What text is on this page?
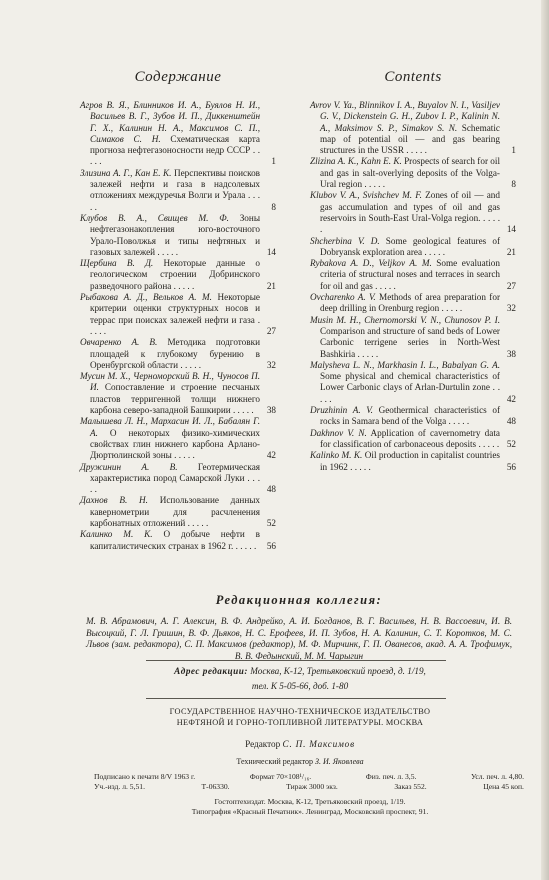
Содержание
Агров В. Я., Блинников И. А., Буялов Н. И., Васильев В. Г., Зубов И. П., Диккенштейн Г. Х., Калинин Н. А., Максимов С. П., Симаков С. Н. Схематическая карта прогноза нефтегазоносности недр СССР . . . . .	1
Злизина А. Г., Кан Е. К. Перспективы поисков залежей нефти и газа в надсолевых отложениях междуречья Волги и Урала . . . . .	8
Клубов В. А., Свищев М. Ф. Зоны нефтегазонакопления юго-восточного Урало-Поволжья и типы нефтяных и газовых залежей . . . . .	14
Щербина В. Д. Некоторые данные о геологическом строении Добринского разведочного района . . . . .	21
Рыбакова А. Д., Вельков А. М. Некоторые критерии оценки структурных носов и террас при поисках залежей нефти и газа . . . . .	27
Овчаренко А. В. Методика подготовки площадей к глубокому бурению в Оренбургской области . . . . .	32
Мусин М. Х., Черноморский В. Н., Чуносов П. И. Сопоставление и строение песчаных пластов терригенной толщи нижнего карбона северо-западной Башкирии . . . . . 38
Малышева Л. Н., Мархасин И. Л., Бабалян Г. А. О некоторых физико-химических свойствах глин нижнего карбона Арлано-Дюртюлинской зоны . . . . .	42
Дружинин А. В. Геотермическая характеристика пород Самарской Луки . . . . .	48
Дахнов В. Н. Использование данных кавернометрии для расчленения карбонатных отложений . . . . .	52
Калинко М. К. О добыче нефти в капиталистических странах в 1962 г. . . . . . 56
Contents
Avrov V. Ya., Blinnikov I. A., Buyalov N. I., Vasiljev G. V., Dickenstein G. H., Zubov I. P., Kalinin N. A., Maksimov S. P., Simakov S. N. Schematic map of potential oil — and gas bearing structures in the USSR . . . . .	1
Zlizina A. K., Kahn E. K. Prospects of search for oil and gas in salt-overlying deposits of the Volga-Ural region . . . . .	8
Klubov V. A., Svishchev M. F. Zones of oil — and gas accumulation and types of oil and gas reservoirs in South-East Ural-Volga region. . . . . .	14
Shcherbina V. D. Some geological features of Dobryansk exploration area . . . . .	21
Rybakova A. D., Veljkov A. M. Some evaluation criteria of structural noses and terraces in search for oil and gas . . . . .	27
Ovcharenko A. V. Methods of area preparation for deep drilling in Orenburg region . . . . .	32
Musin M. H., Chernomorski V. N., Chunosov P. I. Comparison and structure of sand beds of Lower Carbonic terrigene series in North-West Bashkiria . . . . .	38
Malysheva L. N., Markhasin I. L., Babalyan G. A. Some physical and chemical characteristics of Lower Carbonic clays of Arlan-Durtulin zone . . . . .	42
Druzhinin A. V. Geothermical characteristics of rocks in Samara bend of the Volga . . . . .	48
Dakhnov V. N. Application of cavernometry data for classification of carbonaceous deposits . . . . . 52
Kalinko M. K. Oil production in capitalist countries in 1962 . . . . .	56
Редакционная коллегия:
М. В. Абрамович, А. Г. Алексин, В. Ф. Андрейко, А. И. Богданов, В. Г. Васильев, Н. В. Вассоевич, И. В. Высоцкий, Г. Л. Гришин, В. Ф. Дьяков, Н. С. Ерофеев, И. П. Зубов, Н. А. Калинин, С. Т. Коротков, М. С. Львов (зам. редактора), С. П. Максимов (редактор), М. Ф. Мирчинк, Г. П. Ованесов, акад. А. А. Трофимук, В. В. Федынский, М. М. Чарыгин
Адрес редакции: Москва, К-12, Третьяковский проезд, д. 1/19,
тел. К 5-05-66, доб. 1-80
ГОСУДАРСТВЕННОЕ НАУЧНО-ТЕХНИЧЕСКОЕ ИЗДАТЕЛЬСТВО
НЕФТЯНОЙ И ГОРНО-ТОПЛИВНОЙ ЛИТЕРАТУРЫ. МОСКВА
Редактор С. П. Максимов
Технический редактор З. И. Яковлева
Подписано к печати 8/V 1963 г.	Формат 70×108¹/₁₆.	Физ. печ. л. 3,5.	Усл. печ. л. 4,80.
Уч.-изд. л. 5,51.	Т-06330.	Тираж 3000 экз.	Заказ 552.	Цена 45 коп.
Гостоптехиздат. Москва, К-12, Третьяковский проезд, 1/19.
Типография «Красный Печатник». Ленинград, Московский проспект, 91.
